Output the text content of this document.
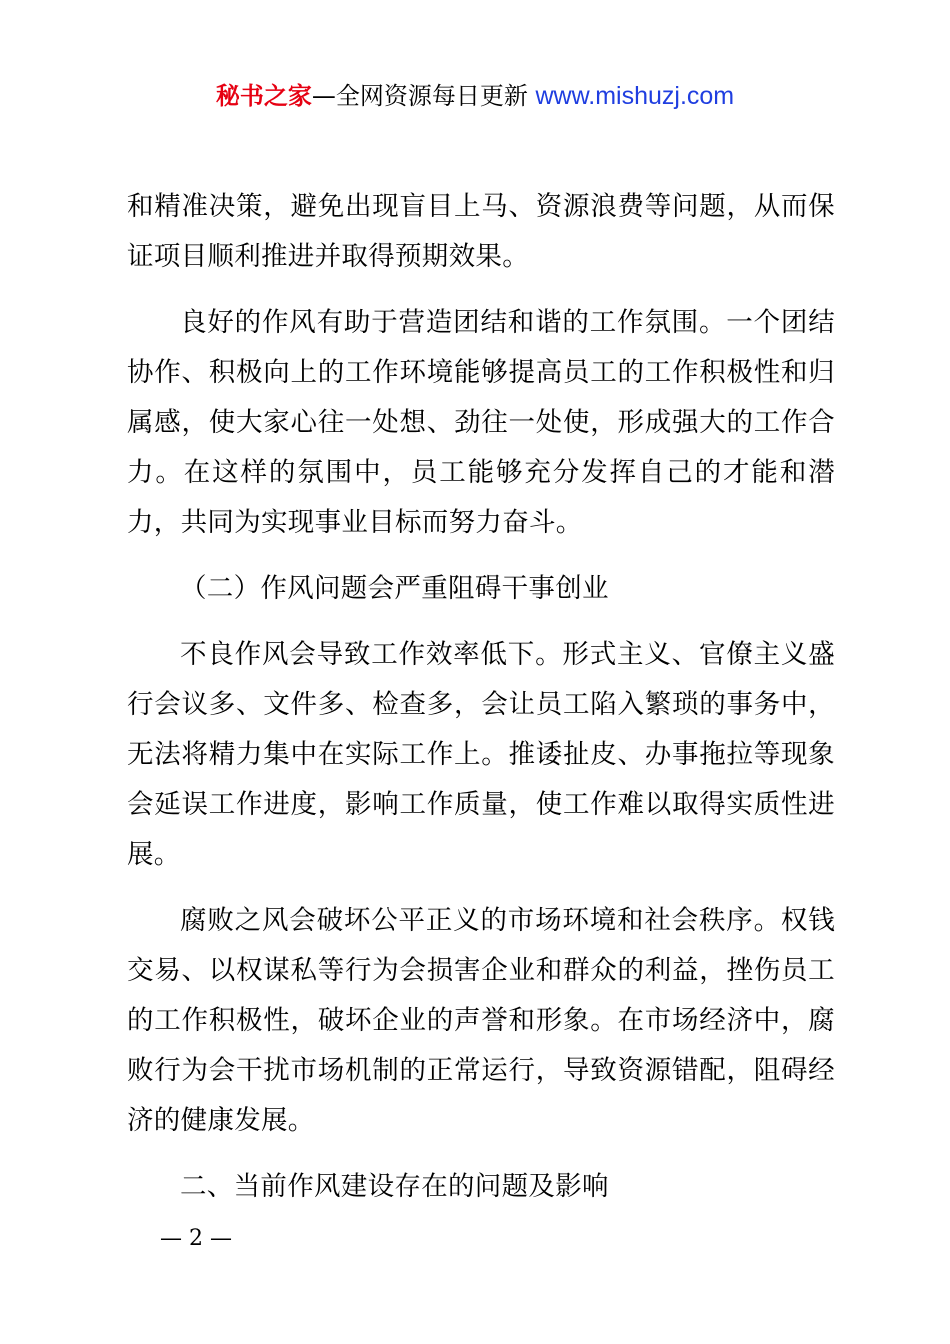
秘书之家—全网资源每日更新 www.mishuzj.com

和精准决策，避免出现盲目上马、资源浪费等问题，从而保证项目顺利推进并取得预期效果。

良好的作风有助于营造团结和谐的工作氛围。一个团结协作、积极向上的工作环境能够提高员工的工作积极性和归属感，使大家心往一处想、劲往一处使，形成强大的工作合力。在这样的氛围中，员工能够充分发挥自己的才能和潜力，共同为实现事业目标而努力奋斗。

（二）作风问题会严重阻碍干事创业

不良作风会导致工作效率低下。形式主义、官僚主义盛行会议多、文件多、检查多，会让员工陷入繁琐的事务中，无法将精力集中在实际工作上。推诿扯皮、办事拖拉等现象会延误工作进度，影响工作质量，使工作难以取得实质性进展。

腐败之风会破坏公平正义的市场环境和社会秩序。权钱交易、以权谋私等行为会损害企业和群众的利益，挫伤员工的工作积极性，破坏企业的声誉和形象。在市场经济中，腐败行为会干扰市场机制的正常运行，导致资源错配，阻碍经济的健康发展。

二、当前作风建设存在的问题及影响

— 2 —
